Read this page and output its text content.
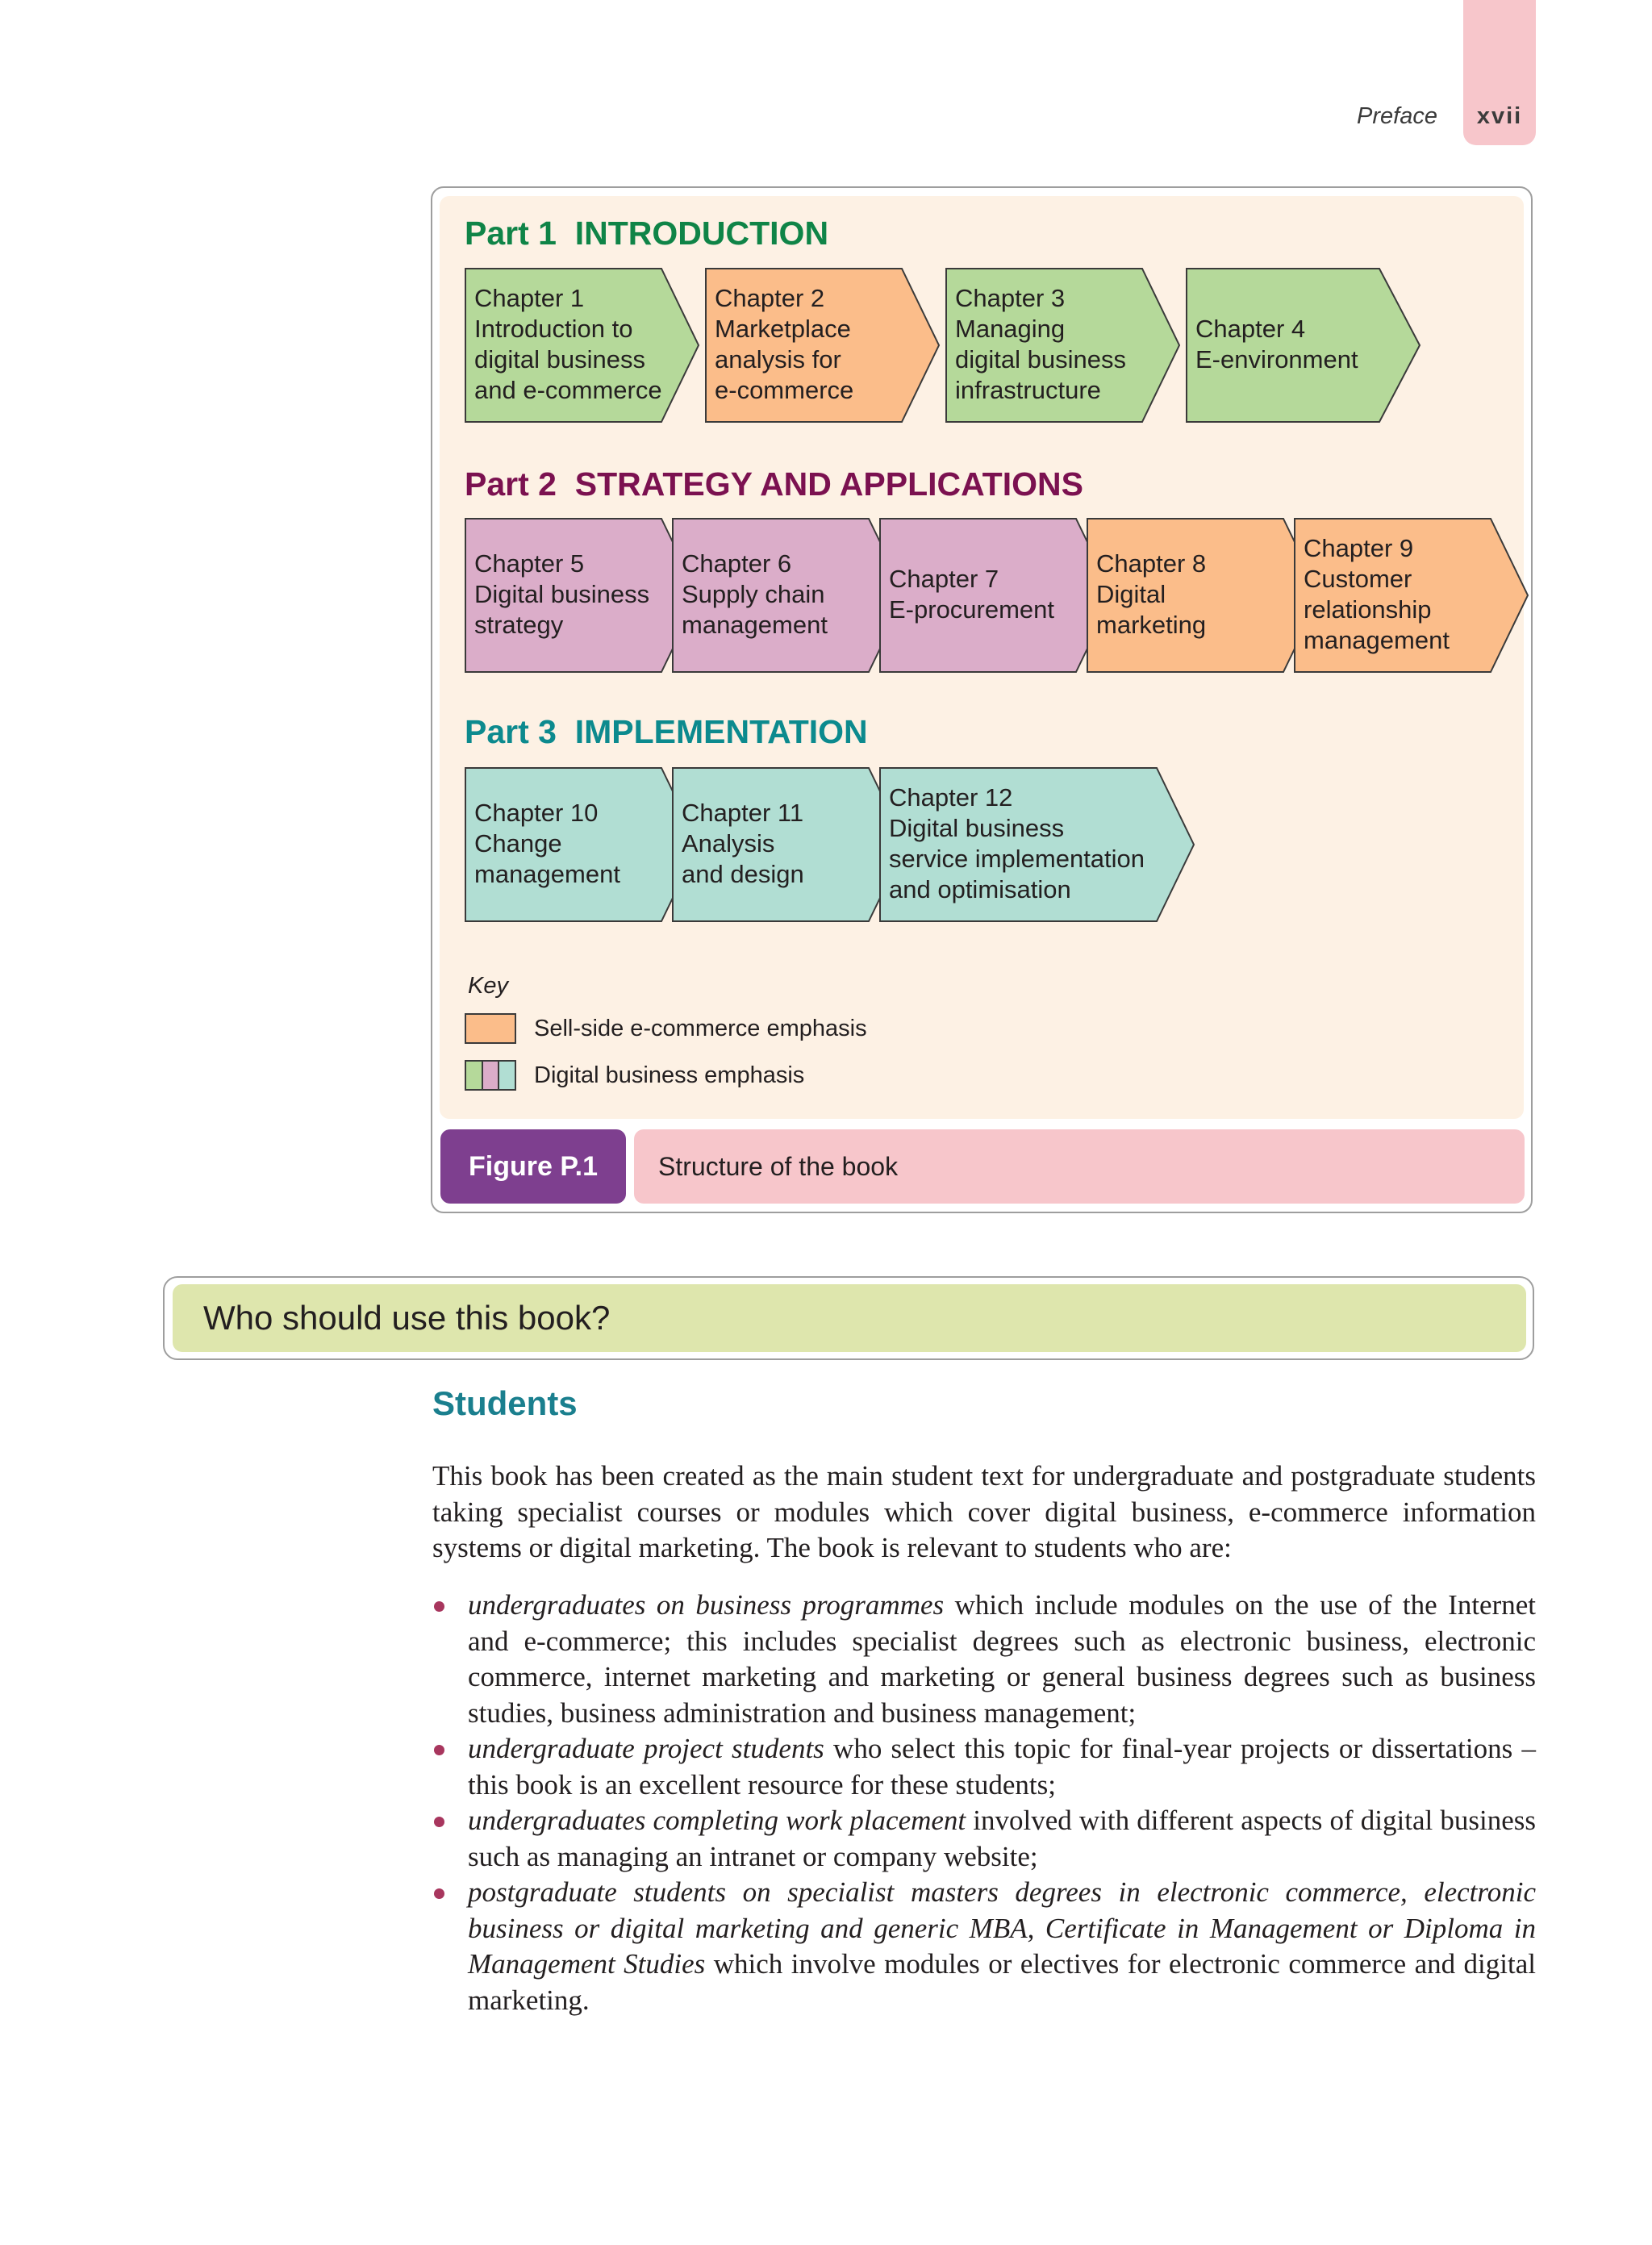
Preface	xvii
Part 1 INTRODUCTION
Part 2 STRATEGY AND APPLICATIONS
Part 3 IMPLEMENTATION
Chapter 1
Introduction to
digital business
and e-commerce
Chapter 2
Marketplace
analysis for
e-commerce
Chapter 3
Managing
digital business
infrastructure
Chapter 4
E-environment
Chapter 5
Digital business
strategy
Chapter 6
Supply chain
management
Chapter 7
E-procurement
Chapter 8
Digital
marketing
Chapter 9
Customer
relationship
management
Chapter 10
Change
management
Chapter 11
Analysis
and design
Chapter 12
Digital business
service implementation
and optimisation
Key
Sell-side e-commerce emphasis
Digital business emphasis
Figure P.1	Structure of the book
Who should use this book?
Students

This book has been created as the main student text for undergraduate and postgraduate students taking specialist courses or modules which cover digital business, e-commerce information systems or digital marketing. The book is relevant to students who are:

undergraduates on business programmes which include modules on the use of the Internet and e-commerce; this includes specialist degrees such as electronic business, electronic commerce, internet marketing and marketing or general business degrees such as business studies, business administration and business management;
undergraduate project students who select this topic for final-year projects or dissertations – this book is an excellent resource for these students;
undergraduates completing work placement involved with different aspects of digital business such as managing an intranet or company website;
postgraduate students on specialist masters degrees in electronic commerce, electronic business or digital marketing and generic MBA, Certificate in Management or Diploma in Management Studies which involve modules or electives for electronic commerce and digital marketing.
